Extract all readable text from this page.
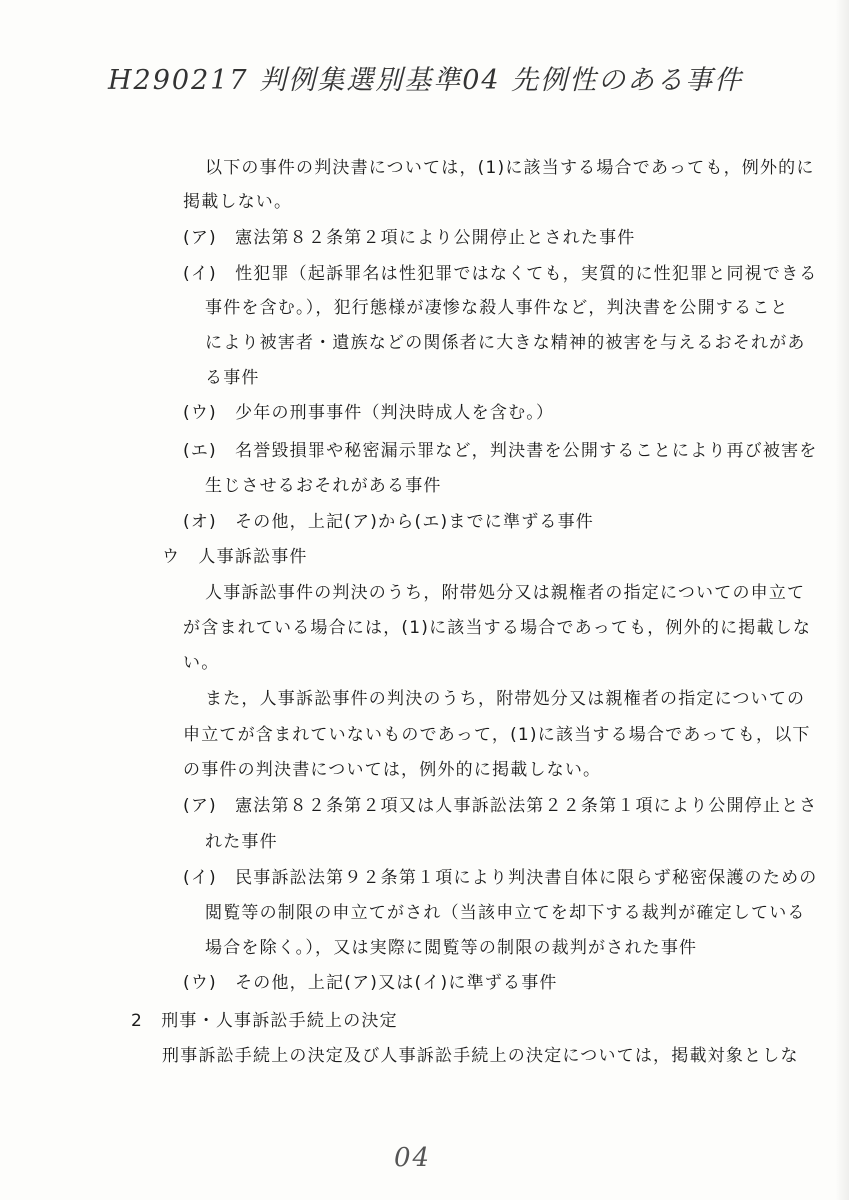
H290217 判例集選別基準04 先例性のある事件
以下の事件の判決書については，(1)に該当する場合であっても，例外的に
掲載しない。
(ア)　憲法第８２条第２項により公開停止とされた事件
(イ)　性犯罪（起訴罪名は性犯罪ではなくても，実質的に性犯罪と同視できる
事件を含む。），犯行態様が凄惨な殺人事件など，判決書を公開すること
により被害者・遺族などの関係者に大きな精神的被害を与えるおそれがあ
る事件
(ウ)　少年の刑事事件（判決時成人を含む。）
(エ)　名誉毀損罪や秘密漏示罪など，判決書を公開することにより再び被害を
生じさせるおそれがある事件
(オ)　その他，上記(ア)から(エ)までに準ずる事件
ウ　人事訴訟事件
人事訴訟事件の判決のうち，附帯処分又は親権者の指定についての申立て
が含まれている場合には，(1)に該当する場合であっても，例外的に掲載しな
い。
また，人事訴訟事件の判決のうち，附帯処分又は親権者の指定についての
申立てが含まれていないものであって，(1)に該当する場合であっても，以下
の事件の判決書については，例外的に掲載しない。
(ア)　憲法第８２条第２項又は人事訴訟法第２２条第１項により公開停止とさ
れた事件
(イ)　民事訴訟法第９２条第１項により判決書自体に限らず秘密保護のための
閲覧等の制限の申立てがされ（当該申立てを却下する裁判が確定している
場合を除く。），又は実際に閲覧等の制限の裁判がされた事件
(ウ)　その他，上記(ア)又は(イ)に準ずる事件
2　刑事・人事訴訟手続上の決定
刑事訴訟手続上の決定及び人事訴訟手続上の決定については，掲載対象としな
04
